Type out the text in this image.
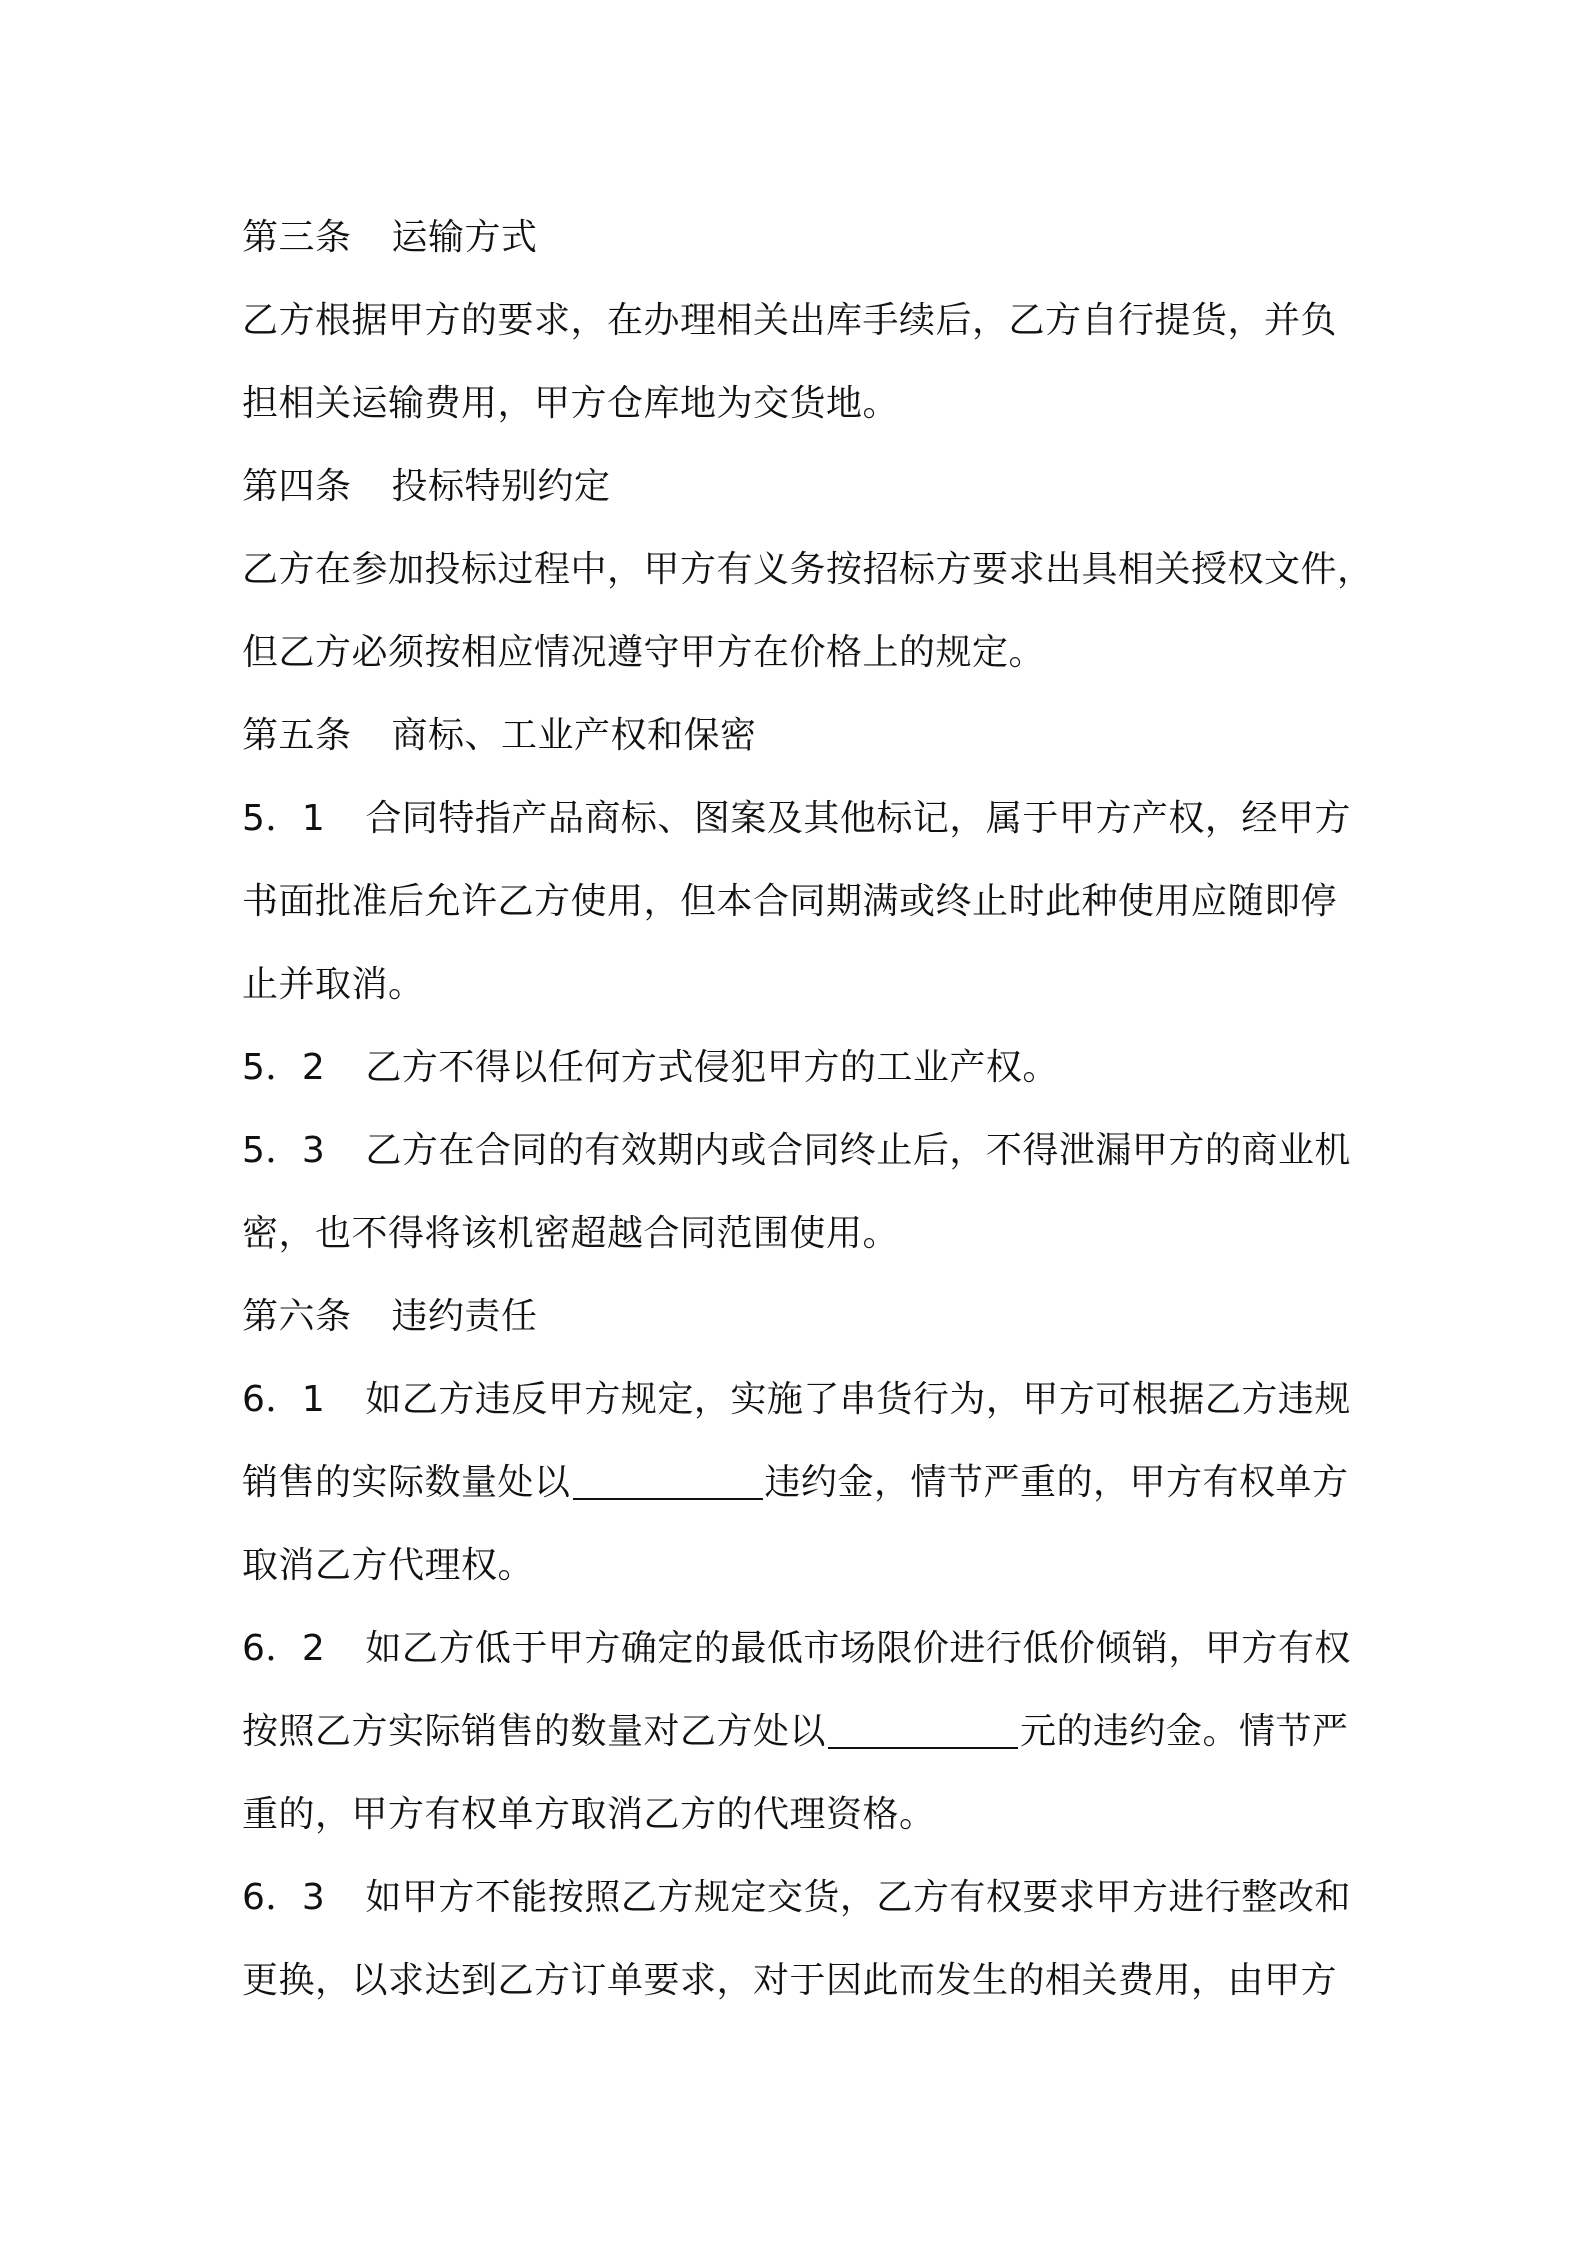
第三条 运输方式
乙方根据甲方的要求，在办理相关出库手续后，乙方自行提货，并负
担相关运输费用，甲方仓库地为交货地。
第四条 投标特别约定
乙方在参加投标过程中，甲方有义务按招标方要求出具相关授权文件，
但乙方必须按相应情况遵守甲方在价格上的规定。
第五条 商标、工业产权和保密
5．1 合同特指产品商标、图案及其他标记，属于甲方产权，经甲方
书面批准后允许乙方使用，但本合同期满或终止时此种使用应随即停
止并取消。
5．2 乙方不得以任何方式侵犯甲方的工业产权。
5．3 乙方在合同的有效期内或合同终止后，不得泄漏甲方的商业机
密，也不得将该机密超越合同范围使用。
第六条 违约责任
6．1 如乙方违反甲方规定，实施了串货行为，甲方可根据乙方违规
销售的实际数量处以	违约金，情节严重的，甲方有权单方
取消乙方代理权。
6．2 如乙方低于甲方确定的最低市场限价进行低价倾销，甲方有权
按照乙方实际销售的数量对乙方处以	元的违约金。情节严
重的，甲方有权单方取消乙方的代理资格。
6．3 如甲方不能按照乙方规定交货，乙方有权要求甲方进行整改和
更换，以求达到乙方订单要求，对于因此而发生的相关费用，由甲方
